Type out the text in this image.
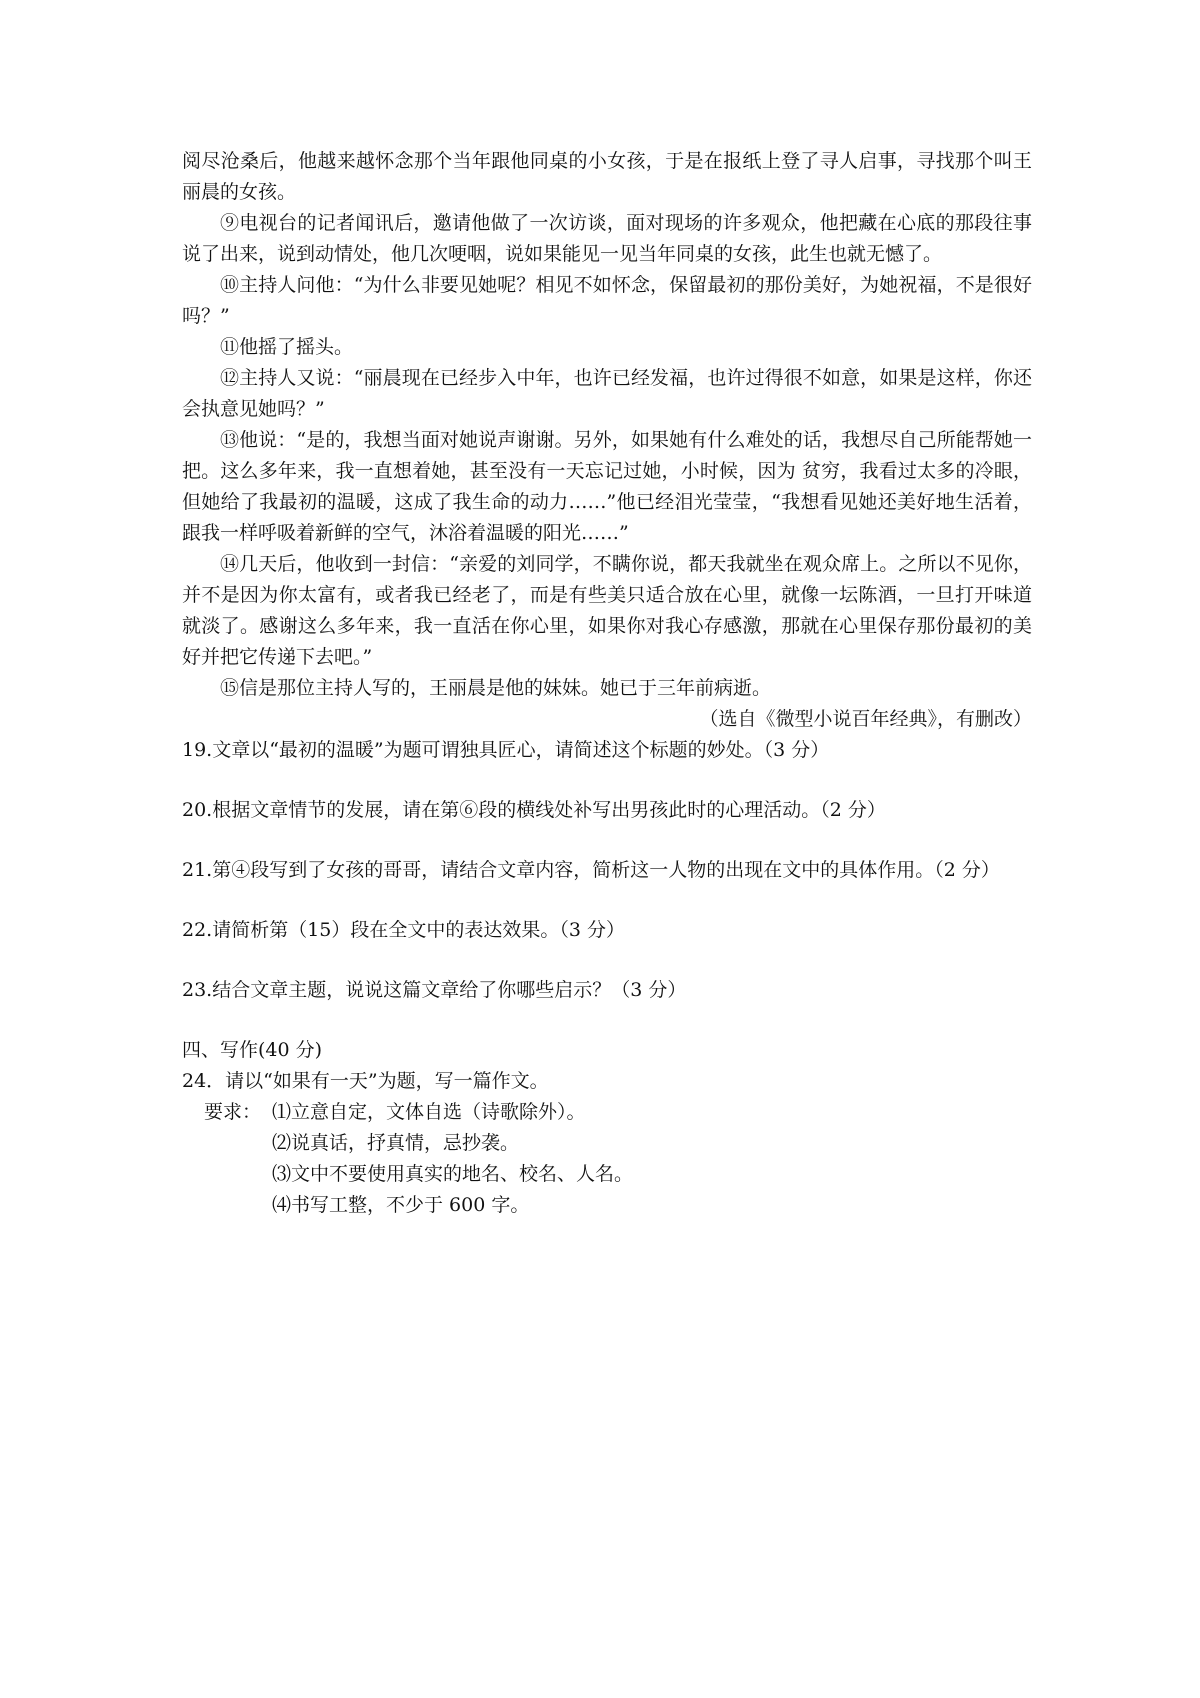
阅尽沧桑后，他越来越怀念那个当年跟他同桌的小女孩，于是在报纸上登了寻人启事，寻找那个叫王丽晨的女孩。

⑨电视台的记者闻讯后，邀请他做了一次访谈，面对现场的许多观众，他把藏在心底的那段往事说了出来，说到动情处，他几次哽咽，说如果能见一见当年同桌的女孩，此生也就无憾了。

⑩主持人问他：“为什么非要见她呢？相见不如怀念，保留最初的那份美好，为她祝福，不是很好吗？”

⑪他摇了摇头。

⑫主持人又说：“丽晨现在已经步入中年，也许已经发福，也许过得很不如意，如果是这样，你还会执意见她吗？”

⑬他说：“是的，我想当面对她说声谢谢。另外，如果她有什么难处的话，我想尽自己所能帮她一把。这么多年来，我一直想着她，甚至没有一天忘记过她，小时候，因为 贫穷，我看过太多的冷眼，但她给了我最初的温暖，这成了我生命的动力……”他已经泪光莹莹，“我想看见她还美好地生活着，跟我一样呼吸着新鲜的空气，沐浴着温暖的阳光……”

⑭几天后，他收到一封信：“亲爱的刘同学，不瞒你说，都天我就坐在观众席上。之所以不见你，并不是因为你太富有，或者我已经老了，而是有些美只适合放在心里，就像一坛陈酒，一旦打开味道就淡了。感谢这么多年来，我一直活在你心里，如果你对我心存感激，那就在心里保存那份最初的美好并把它传递下去吧。”

⑮信是那位主持人写的，王丽晨是他的妹妹。她已于三年前病逝。

（选自《微型小说百年经典》，有删改）

19.文章以“最初的温暖”为题可谓独具匠心，请简述这个标题的妙处。（3 分）

20.根据文章情节的发展，请在第⑥段的横线处补写出男孩此时的心理活动。（2 分）

21.第④段写到了女孩的哥哥，请结合文章内容，简析这一人物的出现在文中的具体作用。（2 分）

22.请简析第（15）段在全文中的表达效果。（3 分）

23.结合文章主题，说说这篇文章给了你哪些启示？（3 分）

四、写作(40 分)

24．请以“如果有一天”为题，写一篇作文。

要求： ⑴立意自定，文体自选（诗歌除外）。

⑵说真话，抒真情，忌抄袭。

⑶文中不要使用真实的地名、校名、人名。

⑷书写工整，不少于 600 字。
